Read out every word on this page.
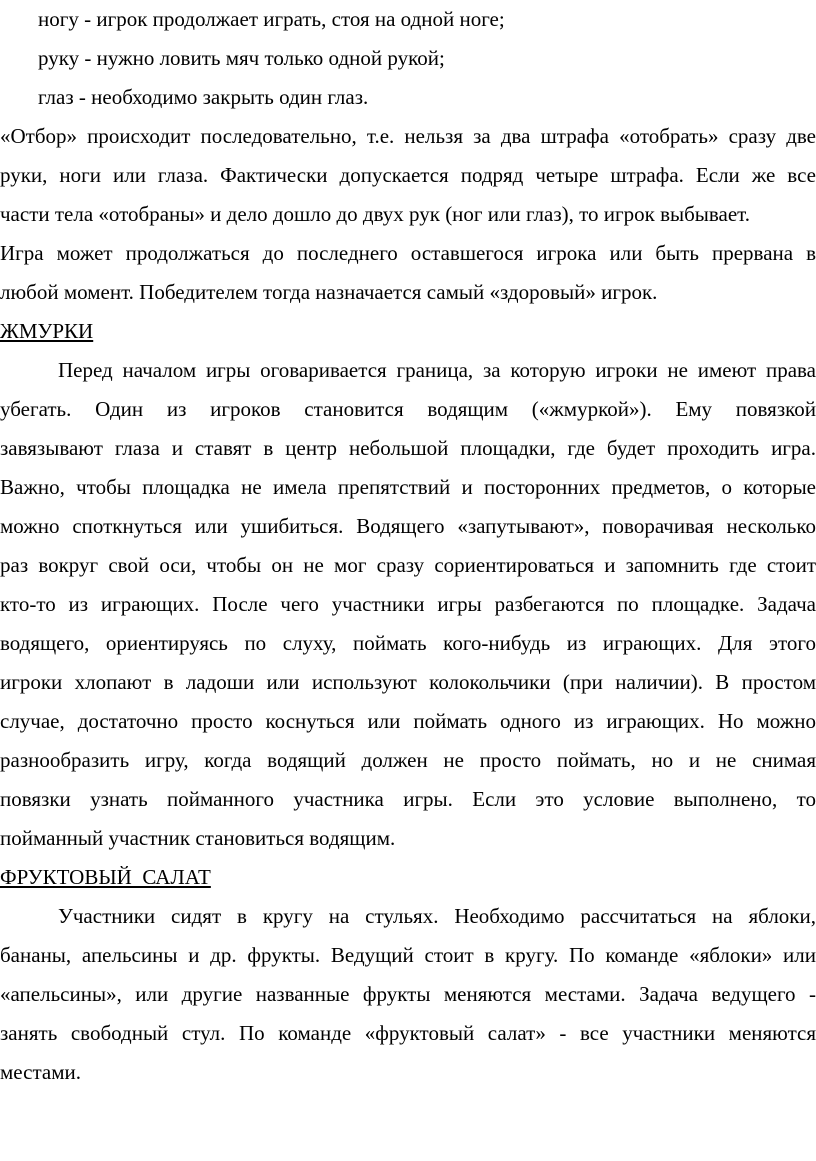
ногу - игрок продолжает играть, стоя на одной ноге;
руку - нужно ловить мяч только одной рукой;
глаз - необходимо закрыть один глаз.
«Отбор» происходит последовательно, т.е. нельзя за два штрафа «отобрать» сразу две
руки, ноги или глаза. Фактически допускается подряд четыре штрафа. Если же все
части тела «отобраны» и дело дошло до двух рук (ног или глаз), то игрок выбывает.
Игра может продолжаться до последнего оставшегося игрока или быть прервана в
любой момент. Победителем тогда назначается самый «здоровый» игрок.
ЖМУРКИ
Перед началом игры оговаривается граница, за которую игроки не имеют права
убегать. Один из игроков становится водящим («жмуркой»). Ему повязкой
завязывают глаза и ставят в центр небольшой площадки, где будет проходить игра.
Важно, чтобы площадка не имела препятствий и посторонних предметов, о которые
можно споткнуться или ушибиться. Водящего «запутывают», поворачивая несколько
раз вокруг свой оси, чтобы он не мог сразу сориентироваться и запомнить где стоит
кто-то из играющих. После чего участники игры разбегаются по площадке. Задача
водящего, ориентируясь по слуху, поймать кого-нибудь из играющих. Для этого
игроки хлопают в ладоши или используют колокольчики (при наличии). В простом
случае, достаточно просто коснуться или поймать одного из играющих. Но можно
разнообразить игру, когда водящий должен не просто поймать, но и не снимая
повязки узнать пойманного участника игры. Если это условие выполнено, то
пойманный участник становиться водящим.
ФРУКТОВЫЙ  САЛАТ
Участники сидят в кругу на стульях. Необходимо рассчитаться на яблоки,
бананы, апельсины и др. фрукты. Ведущий стоит в кругу. По команде «яблоки» или
«апельсины», или другие названные фрукты меняются местами. Задача ведущего -
занять свободный стул. По команде «фруктовый салат» - все участники меняются
местами.
